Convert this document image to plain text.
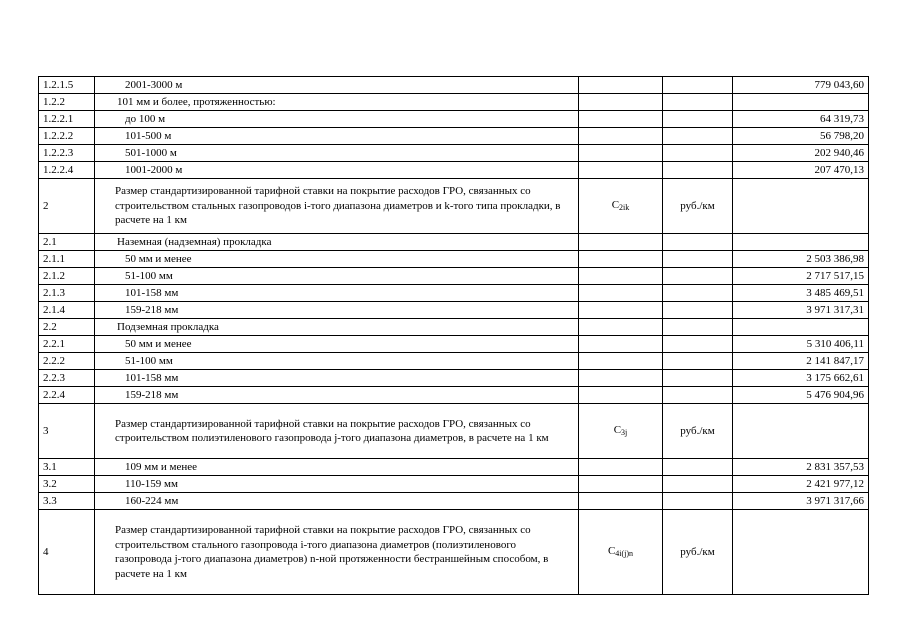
1.2.1.5	2001-3000 м			779 043,60
1.2.2	101 мм и более, протяженностью:			
1.2.2.1	до 100 м			64 319,73
1.2.2.2	101-500 м			56 798,20
1.2.2.3	501-1000 м			202 940,46
1.2.2.4	1001-2000 м			207 470,13
2	Размер стандартизированной тарифной ставки на покрытие расходов ГРО, связанных со строительством стальных газопроводов i-того диапазона диаметров и k-того типа прокладки, в расчете на 1 км	$C_{2ik}$	руб./км	
2.1	Наземная (надземная) прокладка			
2.1.1	50 мм и менее			2 503 386,98
2.1.2	51-100 мм			2 717 517,15
2.1.3	101-158 мм			3 485 469,51
2.1.4	159-218 мм			3 971 317,31
2.2	Подземная прокладка			
2.2.1	50 мм и менее			5 310 406,11
2.2.2	51-100 мм			2 141 847,17
2.2.3	101-158 мм			3 175 662,61
2.2.4	159-218 мм			5 476 904,96
3	Размер стандартизированной тарифной ставки на покрытие расходов ГРО, связанных со строительством полиэтиленового газопровода j-того диапазона диаметров, в расчете на 1 км	$C_{3j}$	руб./км	
3.1	109 мм и менее			2 831 357,53
3.2	110-159 мм			2 421 977,12
3.3	160-224 мм			3 971 317,66
4	Размер стандартизированной тарифной ставки на покрытие расходов ГРО, связанных со строительством стального газопровода i-того диапазона диаметров (полиэтиленового газопровода j-того диапазона диаметров) n-ной протяженности бестраншейным способом, в расчете на 1 км	$C_{4i(j)n}$	руб./км	
